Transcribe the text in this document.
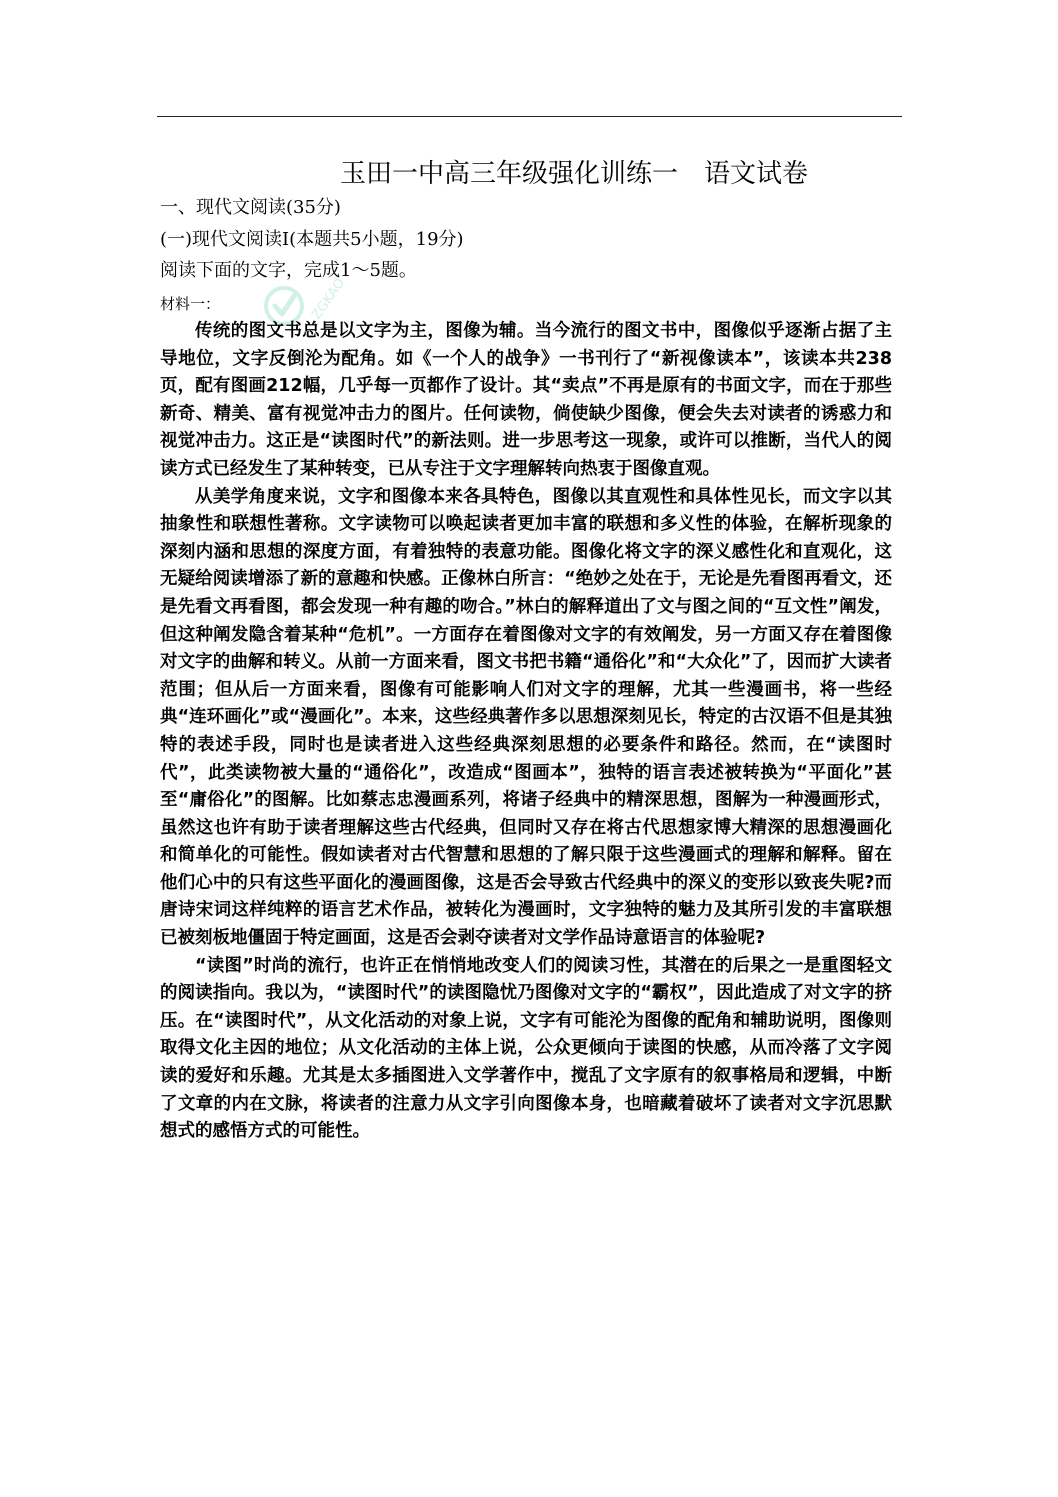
玉田一中高三年级强化训练一　语文试卷
一、现代文阅读(35分)
(一)现代文阅读Ⅰ(本题共5小题，19分)
阅读下面的文字，完成1～5题。
材料一：	ZGKAO

传统的图文书总是以文字为主，图像为辅。当今流行的图文书中，图像似乎逐渐占据了主导地位，文字反倒沦为配角。如《一个人的战争》一书刊行了“新视像读本”，该读本共238页，配有图画212幅，几乎每一页都作了设计。其“卖点”不再是原有的书面文字，而在于那些新奇、精美、富有视觉冲击力的图片。任何读物，倘使缺少图像，便会失去对读者的诱惑力和视觉冲击力。这正是“读图时代”的新法则。进一步思考这一现象，或许可以推断，当代人的阅读方式已经发生了某种转变，已从专注于文字理解转向热衷于图像直观。

从美学角度来说，文字和图像本来各具特色，图像以其直观性和具体性见长，而文字以其抽象性和联想性著称。文字读物可以唤起读者更加丰富的联想和多义性的体验，在解析现象的深刻内涵和思想的深度方面，有着独特的表意功能。图像化将文字的深义感性化和直观化，这无疑给阅读增添了新的意趣和快感。正像林白所言：“绝妙之处在于，无论是先看图再看文，还是先看文再看图，都会发现一种有趣的吻合。”林白的解释道出了文与图之间的“互文性”阐发，但这种阐发隐含着某种“危机”。一方面存在着图像对文字的有效阐发，另一方面又存在着图像对文字的曲解和转义。从前一方面来看，图文书把书籍“通俗化”和“大众化”了，因而扩大读者范围；但从后一方面来看，图像有可能影响人们对文字的理解，尤其一些漫画书，将一些经典“连环画化”或“漫画化”。本来，这些经典著作多以思想深刻见长，特定的古汉语不但是其独特的表述手段，同时也是读者进入这些经典深刻思想的必要条件和路径。然而，在“读图时代”，此类读物被大量的“通俗化”，改造成“图画本”，独特的语言表述被转换为“平面化”甚至“庸俗化”的图解。比如蔡志忠漫画系列，将诸子经典中的精深思想，图解为一种漫画形式，虽然这也许有助于读者理解这些古代经典，但同时又存在将古代思想家博大精深的思想漫画化和简单化的可能性。假如读者对古代智慧和思想的了解只限于这些漫画式的理解和解释。留在他们心中的只有这些平面化的漫画图像，这是否会导致古代经典中的深义的变形以致丧失呢?而唐诗宋词这样纯粹的语言艺术作品，被转化为漫画时，文字独特的魅力及其所引发的丰富联想已被刻板地僵固于特定画面，这是否会剥夺读者对文学作品诗意语言的体验呢?

“读图”时尚的流行，也许正在悄悄地改变人们的阅读习性，其潜在的后果之一是重图轻文的阅读指向。我以为，“读图时代”的读图隐忧乃图像对文字的“霸权”，因此造成了对文字的挤压。在“读图时代”，从文化活动的对象上说，文字有可能沦为图像的配角和辅助说明，图像则取得文化主因的地位；从文化活动的主体上说，公众更倾向于读图的快感，从而冷落了文字阅读的爱好和乐趣。尤其是太多插图进入文学著作中，搅乱了文字原有的叙事格局和逻辑，中断了文章的内在文脉，将读者的注意力从文字引向图像本身，也暗藏着破坏了读者对文字沉思默想式的感悟方式的可能性。
